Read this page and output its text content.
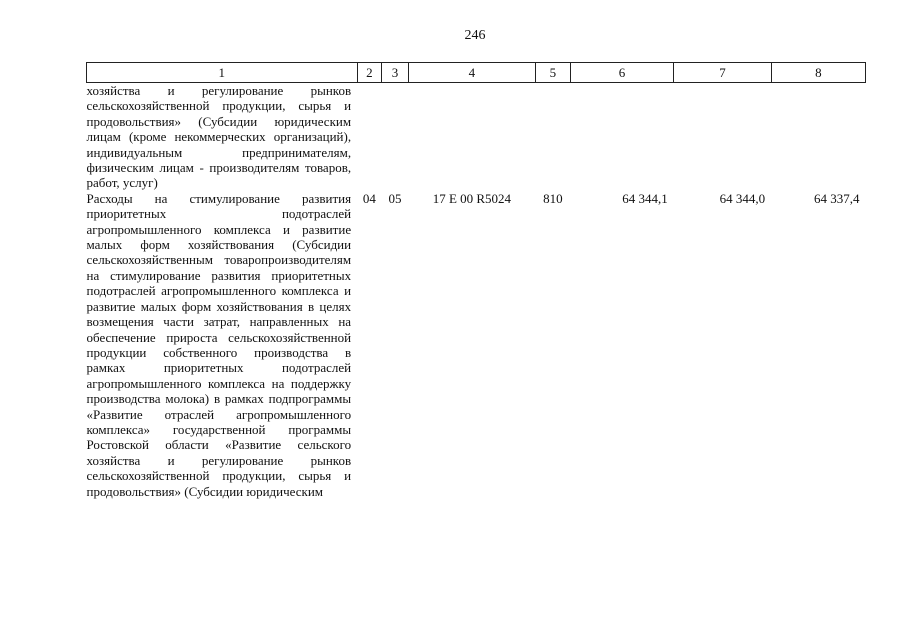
246
1	2	3	4	5	6	7	8
хозяйства и регулирование рынков сельскохозяйственной продукции, сырья и продовольствия» (Субсидии юридическим лицам (кроме некоммерческих организаций), индивидуальным предпринимателям, физическим лицам - производителям товаров, работ, услуг)							
Расходы на стимулирование развития приоритетных подотраслей агропромышленного комплекса и развитие малых форм хозяйствования (Субсидии сельскохозяйственным товаропроизводителям на стимулирование развития приоритетных подотраслей агропромышленного комплекса и развитие малых форм хозяйствования в целях возмещения части затрат, направленных на обеспечение прироста сельскохозяйственной продукции собственного производства в рамках приоритетных подотраслей агропромышленного комплекса на поддержку производства молока) в рамках подпрограммы «Развитие отраслей агропромышленного комплекса» государственной программы Ростовской области «Развитие сельского хозяйства и регулирование рынков сельскохозяйственной продукции, сырья и продовольствия» (Субсидии юридическим	04	05	17 Е 00 R5024	810	64 344,1	64 344,0	64 337,4
